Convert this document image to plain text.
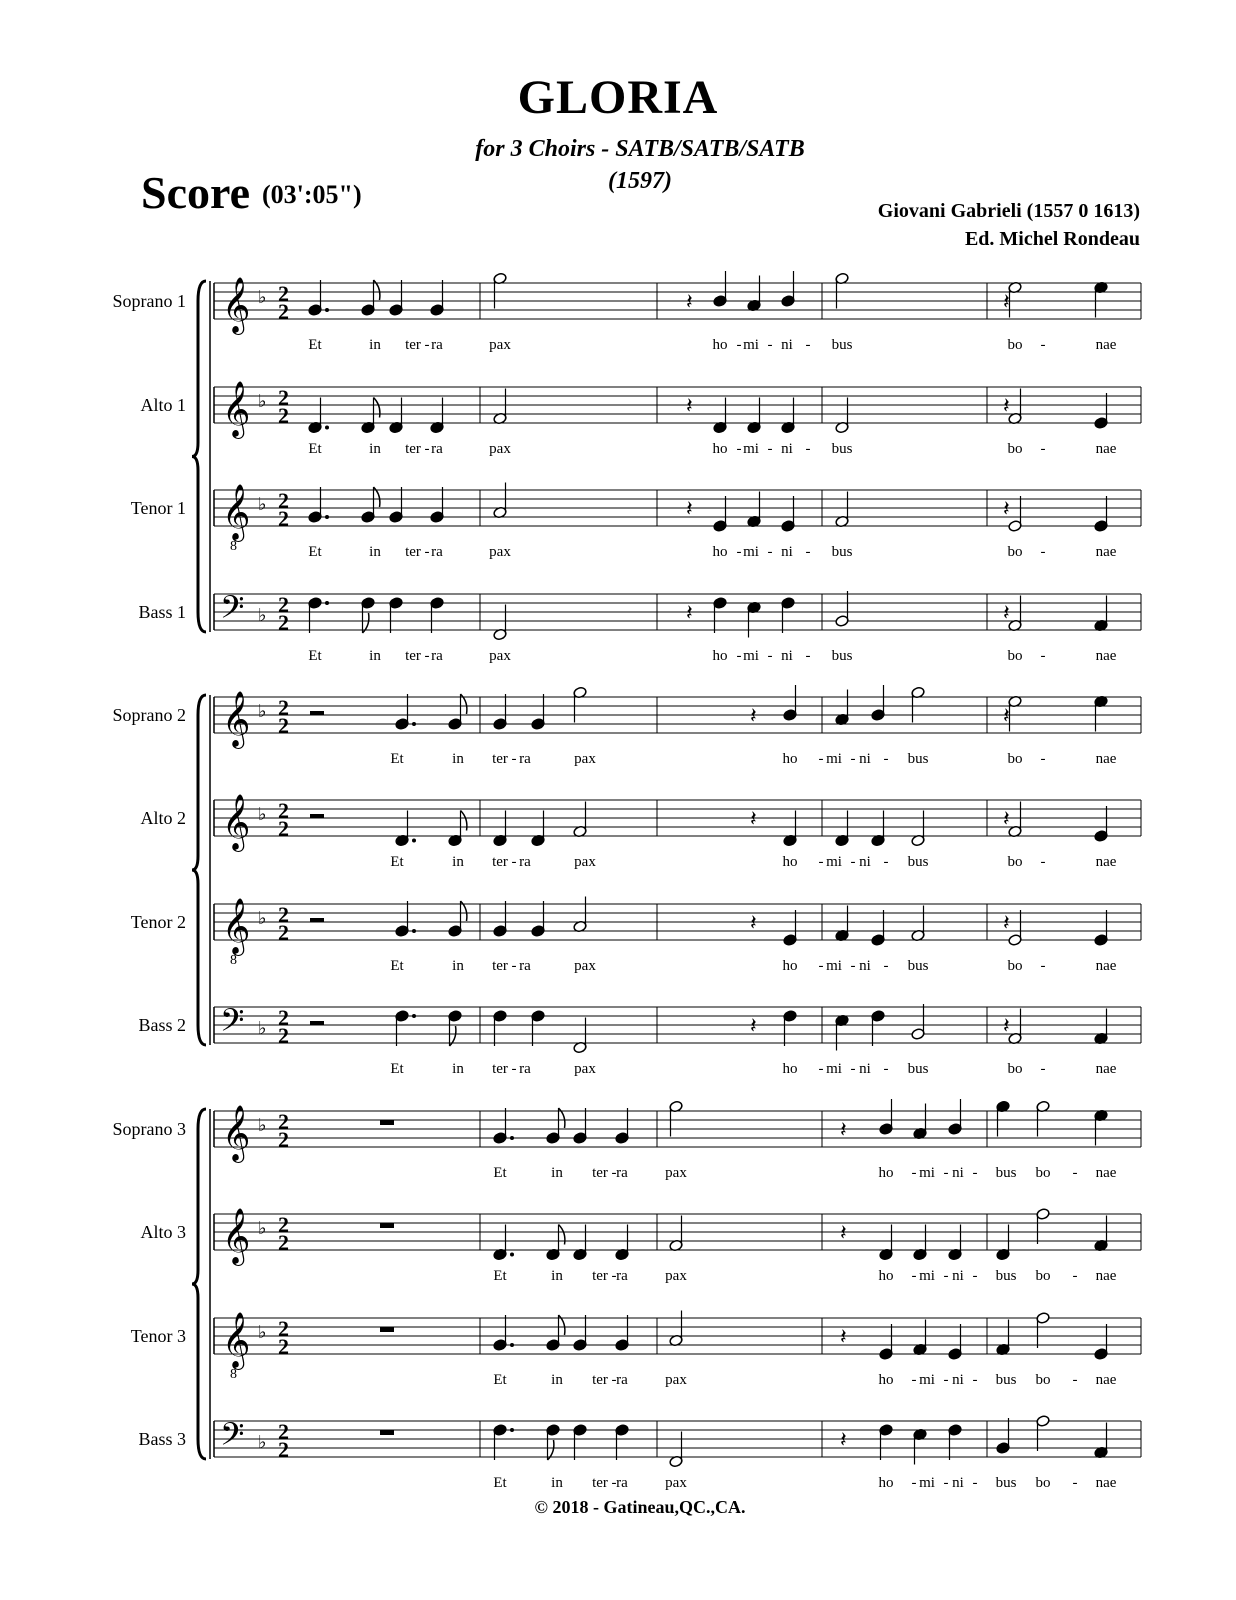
GLORIA
for 3 Choirs - SATB/SATB/SATB
(1597)
Score (03':05")
Giovani Gabrieli (1557 0 1613)
Ed. Michel Rondeau
Soprano 1
Alto 1
Tenor 1
Bass 1
Soprano 2
Alto 2
Tenor 2
Bass 2
Soprano 3
Alto 3
Tenor 3
Bass 3
𝄞 ♭ 2
2	𝄽	𝄽
Et	in ter - ra	pax	ho - mi - ni - bus	bo -	nae
𝄞 ♭ 2
2	𝄽	𝄽
Et	in ter - ra	pax	ho - mi - ni - bus	bo -	nae
𝄞
8
♭ 2
2	𝄽	𝄽
Et	in ter - ra	pax	ho - mi - ni - bus	bo -	nae
𝄢 ♭ 2
2	𝄽	𝄽
Et	in ter - ra	pax	ho - mi - ni - bus	bo -	nae
𝄞 ♭ 2
2	𝄽	𝄽
Et	in ter - ra	pax	ho - mi - ni - bus	bo -	nae
𝄞 ♭ 2
2	𝄽	𝄽
Et	in ter - ra	pax	ho - mi - ni - bus	bo -	nae
𝄞
8
♭ 2
2	𝄽	𝄽
Et	in ter - ra	pax	ho - mi - ni - bus	bo -	nae
𝄢 ♭ 2
2	𝄽	𝄽
Et	in ter - ra	pax	ho - mi - ni - bus	bo -	nae
𝄞 ♭ 2
2	𝄽
Et	in ter - ra pax	ho - mi - ni - bus bo - nae
𝄞 ♭ 2
2	𝄽
Et	in ter - ra pax	ho - mi - ni - bus bo - nae
𝄞
8
♭ 2
2	𝄽
Et	in ter - ra pax	ho - mi - ni - bus bo - nae
𝄢 ♭ 2
2	𝄽
Et	in ter - ra pax	ho - mi - ni - bus bo - nae
© 2018 - Gatineau,QC.,CA.
